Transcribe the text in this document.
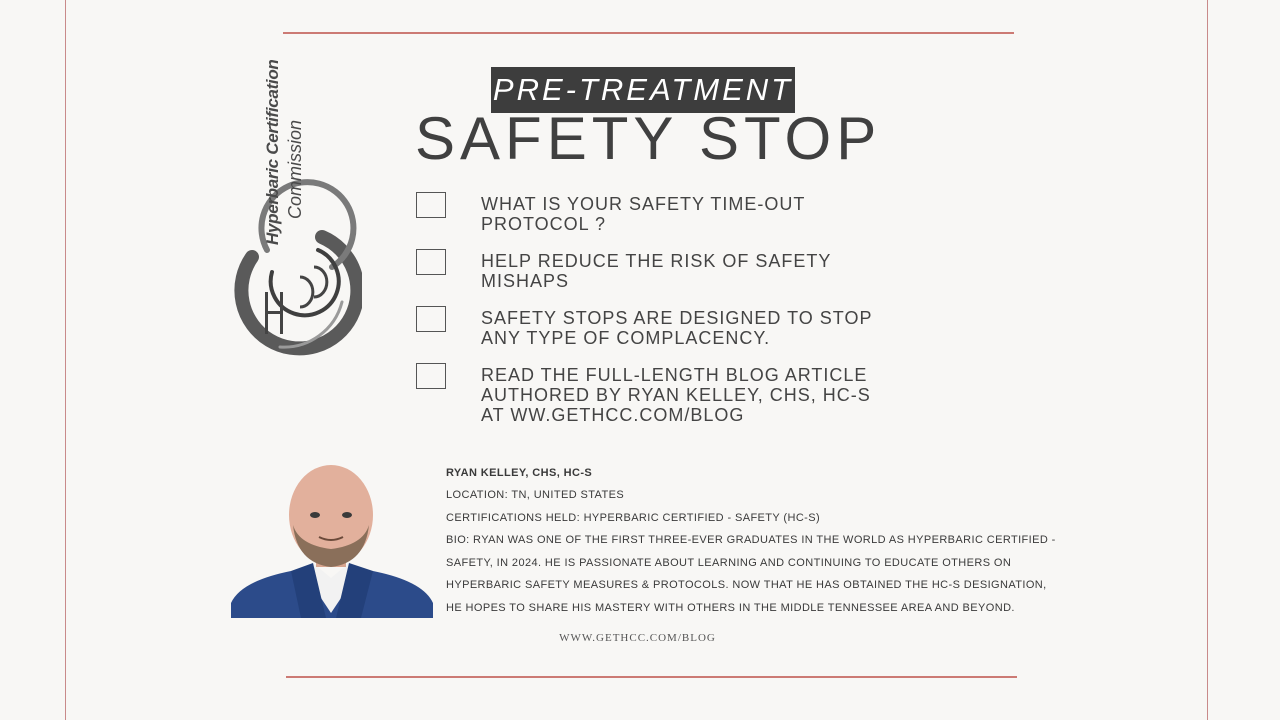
Hyperbaric Certification Commission
PRE-TREATMENT
SAFETY STOP
WHAT IS YOUR SAFETY TIME-OUT PROTOCOL ?
HELP REDUCE THE RISK OF SAFETY MISHAPS
SAFETY STOPS ARE DESIGNED TO STOP ANY TYPE OF COMPLACENCY.
READ THE FULL-LENGTH BLOG ARTICLE AUTHORED BY RYAN KELLEY, CHS, HC-S AT WW.GETHCC.COM/BLOG
RYAN KELLEY, CHS, HC-S
LOCATION: TN, UNITED STATES
CERTIFICATIONS HELD: HYPERBARIC CERTIFIED - SAFETY (HC-S)
BIO: RYAN WAS ONE OF THE FIRST THREE-EVER GRADUATES IN THE WORLD AS HYPERBARIC CERTIFIED - SAFETY, IN 2024. HE IS PASSIONATE ABOUT LEARNING AND CONTINUING TO EDUCATE OTHERS ON HYPERBARIC SAFETY MEASURES & PROTOCOLS. NOW THAT HE HAS OBTAINED THE HC-S DESIGNATION, HE HOPES TO SHARE HIS MASTERY WITH OTHERS IN THE MIDDLE TENNESSEE AREA AND BEYOND.
WWW.GETHCC.COM/BLOG
